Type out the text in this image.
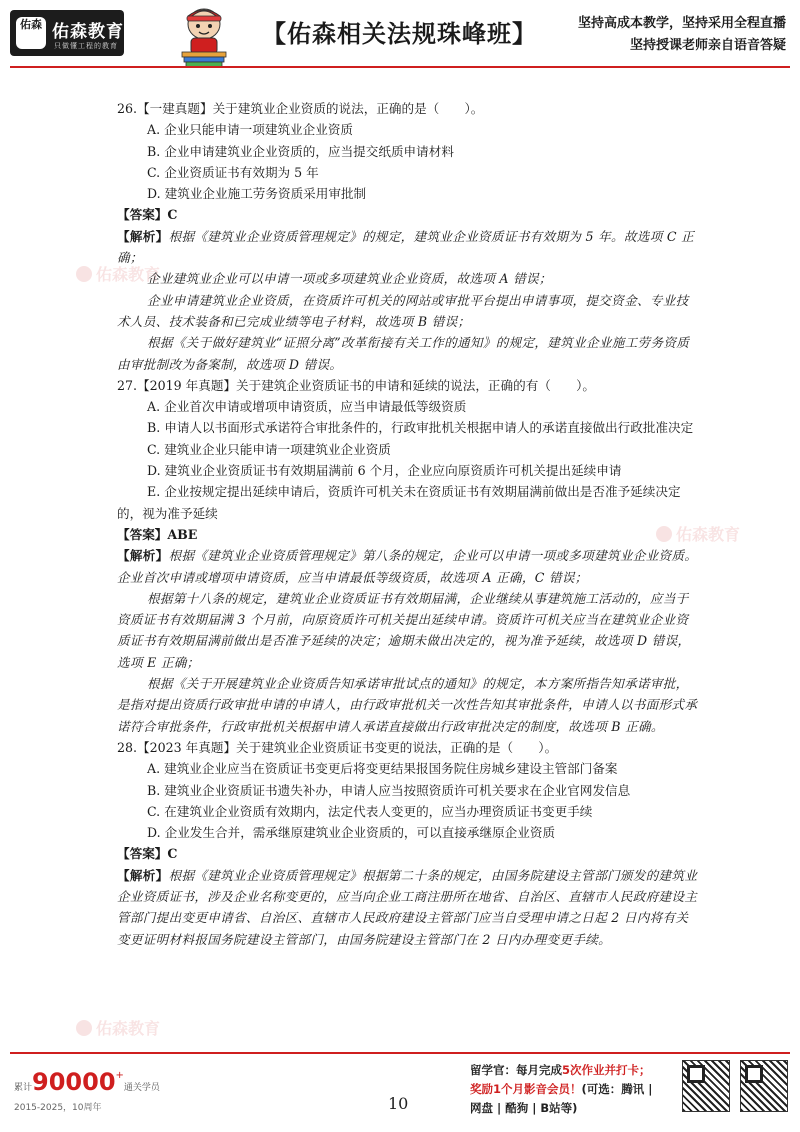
佑森 佑森教育
只做懂工程的教育	【佑森相关法规珠峰班】	坚持高成本教学，坚持采用全程直播
坚持授课老师亲自语音答疑
佑森教育
佑森教育
佑森教育

26.【一建真题】关于建筑业企业资质的说法，正确的是（　　）。

A. 企业只能申请一项建筑业企业资质

B. 企业申请建筑业企业资质的，应当提交纸质申请材料

C. 企业资质证书有效期为 5 年

D. 建筑业企业施工劳务资质采用审批制

【答案】C

【解析】根据《建筑业企业资质管理规定》的规定，建筑业企业资质证书有效期为 5 年。故选项 C 正确；

企业建筑业企业可以申请一项或多项建筑业企业资质，故选项 A 错误；

企业申请建筑业企业资质，在资质许可机关的网站或审批平台提出申请事项，提交资金、专业技术人员、技术装备和已完成业绩等电子材料，故选项 B 错误；

根据《关于做好建筑业“证照分离”改革衔接有关工作的通知》的规定，建筑业企业施工劳务资质由审批制改为备案制，故选项 D 错误。

27.【2019 年真题】关于建筑企业资质证书的申请和延续的说法，正确的有（　　）。

A. 企业首次申请或增项申请资质，应当申请最低等级资质

B. 申请人以书面形式承诺符合审批条件的，行政审批机关根据申请人的承诺直接做出行政批准决定

C. 建筑业企业只能申请一项建筑业企业资质

D. 建筑业企业资质证书有效期届满前 6 个月，企业应向原资质许可机关提出延续申请

E. 企业按规定提出延续申请后，资质许可机关未在资质证书有效期届满前做出是否准予延续决定的，视为准予延续

【答案】ABE

【解析】根据《建筑业企业资质管理规定》第八条的规定，企业可以申请一项或多项建筑业企业资质。企业首次申请或增项申请资质，应当申请最低等级资质，故选项 A 正确，C 错误；

根据第十八条的规定，建筑业企业资质证书有效期届满，企业继续从事建筑施工活动的，应当于资质证书有效期届满 3 个月前，向原资质许可机关提出延续申请。资质许可机关应当在建筑业企业资质证书有效期届满前做出是否准予延续的决定；逾期未做出决定的，视为准予延续，故选项 D 错误，选项 E 正确；

根据《关于开展建筑业企业资质告知承诺审批试点的通知》的规定，本方案所指告知承诺审批，是指对提出资质行政审批申请的申请人，由行政审批机关一次性告知其审批条件，申请人以书面形式承诺符合审批条件，行政审批机关根据申请人承诺直接做出行政审批决定的制度，故选项 B 正确。

28.【2023 年真题】关于建筑业企业资质证书变更的说法，正确的是（　　）。

A. 建筑业企业应当在资质证书变更后将变更结果报国务院住房城乡建设主管部门备案

B. 建筑业企业资质证书遗失补办，申请人应当按照资质许可机关要求在企业官网发信息

C. 在建筑业企业资质有效期内，法定代表人变更的，应当办理资质证书变更手续

D. 企业发生合并，需承继原建筑业企业资质的，可以直接承继原企业资质

【答案】C

【解析】根据《建筑业企业资质管理规定》根据第二十条的规定，由国务院建设主管部门颁发的建筑业企业资质证书，涉及企业名称变更的，应当向企业工商注册所在地省、自治区、直辖市人民政府建设主管部门提出变更申请省、自治区、直辖市人民政府建设主管部门应当自受理申请之日起 2 日内将有关变更证明材料报国务院建设主管部门，由国务院建设主管部门在 2 日内办理变更手续。

累计90000+通关学员
2015-2025，10周年	10
留学官：每月完成5次作业并打卡；
奖励1个月影音会员！(可选：腾讯 |
网盘 | 酷狗 | B站等)
